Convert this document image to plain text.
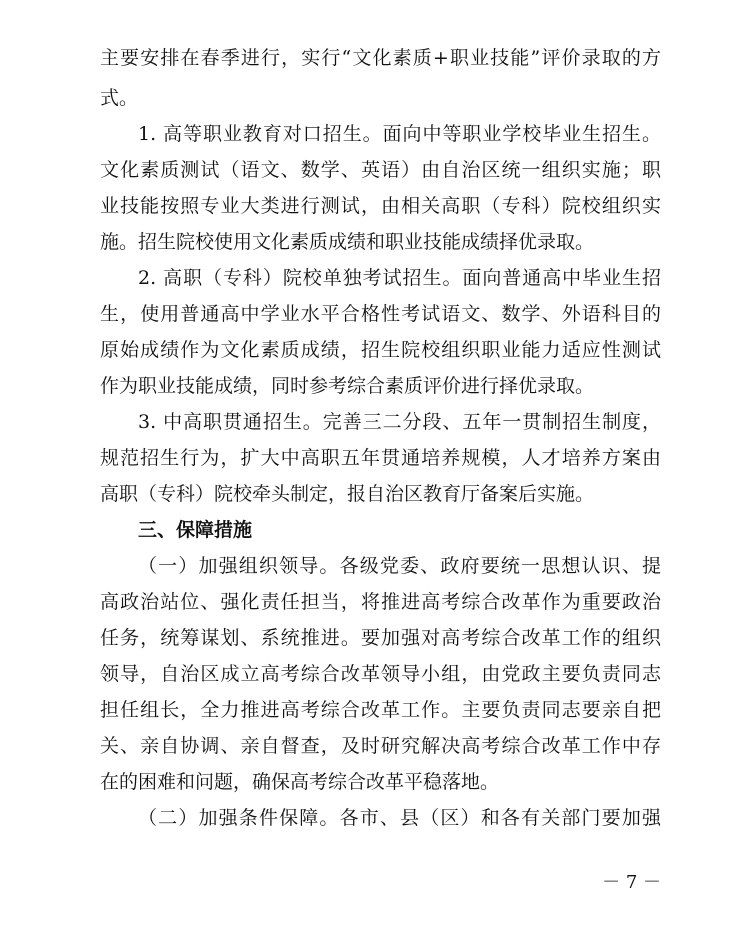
主要安排在春季进行，实行“文化素质+职业技能”评价录取的方
式。
1. 高等职业教育对口招生。面向中等职业学校毕业生招生。
文化素质测试（语文、数学、英语）由自治区统一组织实施；职
业技能按照专业大类进行测试，由相关高职（专科）院校组织实
施。招生院校使用文化素质成绩和职业技能成绩择优录取。
2. 高职（专科）院校单独考试招生。面向普通高中毕业生招
生，使用普通高中学业水平合格性考试语文、数学、外语科目的
原始成绩作为文化素质成绩，招生院校组织职业能力适应性测试
作为职业技能成绩，同时参考综合素质评价进行择优录取。
3. 中高职贯通招生。完善三二分段、五年一贯制招生制度，
规范招生行为，扩大中高职五年贯通培养规模，人才培养方案由
高职（专科）院校牵头制定，报自治区教育厅备案后实施。
三、保障措施
（一）加强组织领导。各级党委、政府要统一思想认识、提
高政治站位、强化责任担当，将推进高考综合改革作为重要政治
任务，统筹谋划、系统推进。要加强对高考综合改革工作的组织
领导，自治区成立高考综合改革领导小组，由党政主要负责同志
担任组长，全力推进高考综合改革工作。主要负责同志要亲自把
关、亲自协调、亲自督查，及时研究解决高考综合改革工作中存
在的困难和问题，确保高考综合改革平稳落地。
（二）加强条件保障。各市、县（区）和各有关部门要加强
－ 7 －
